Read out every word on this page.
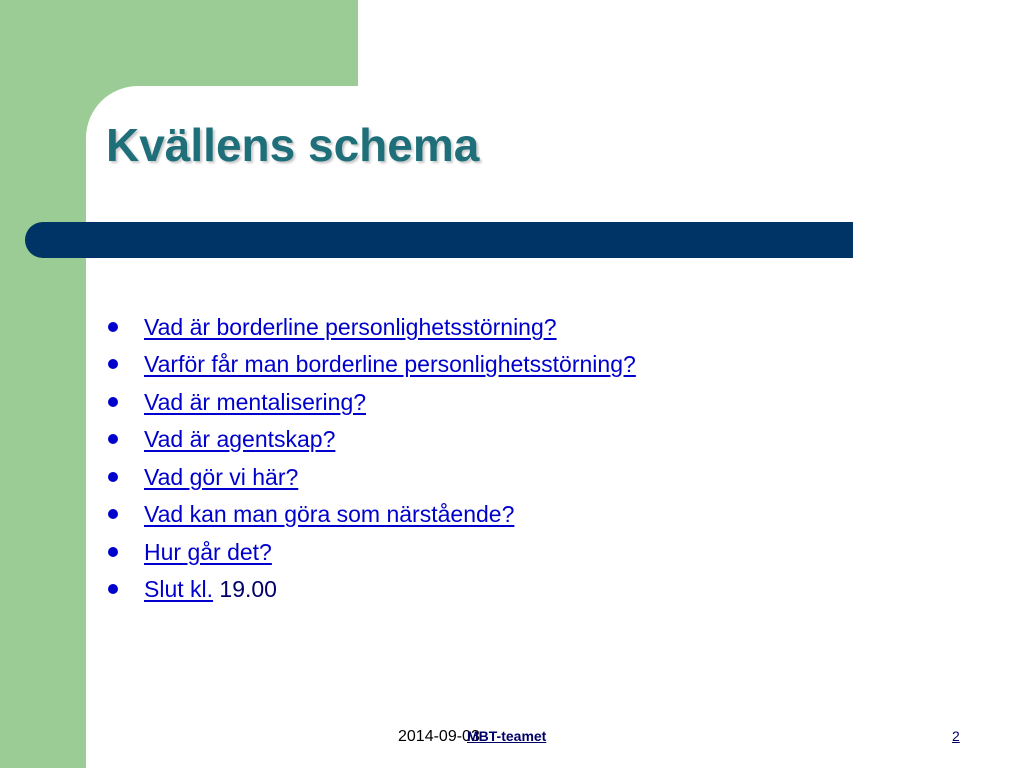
Kvällens schema
Vad är borderline personlighetsstörning?
Varför får man borderline personlighetsstörning?
Vad är mentalisering?
Vad är agentskap?
Vad gör vi här?
Vad kan man göra som närstående?
Hur går det?
Slut kl. 19.00
2014-09-03
MBT-teamet	2
